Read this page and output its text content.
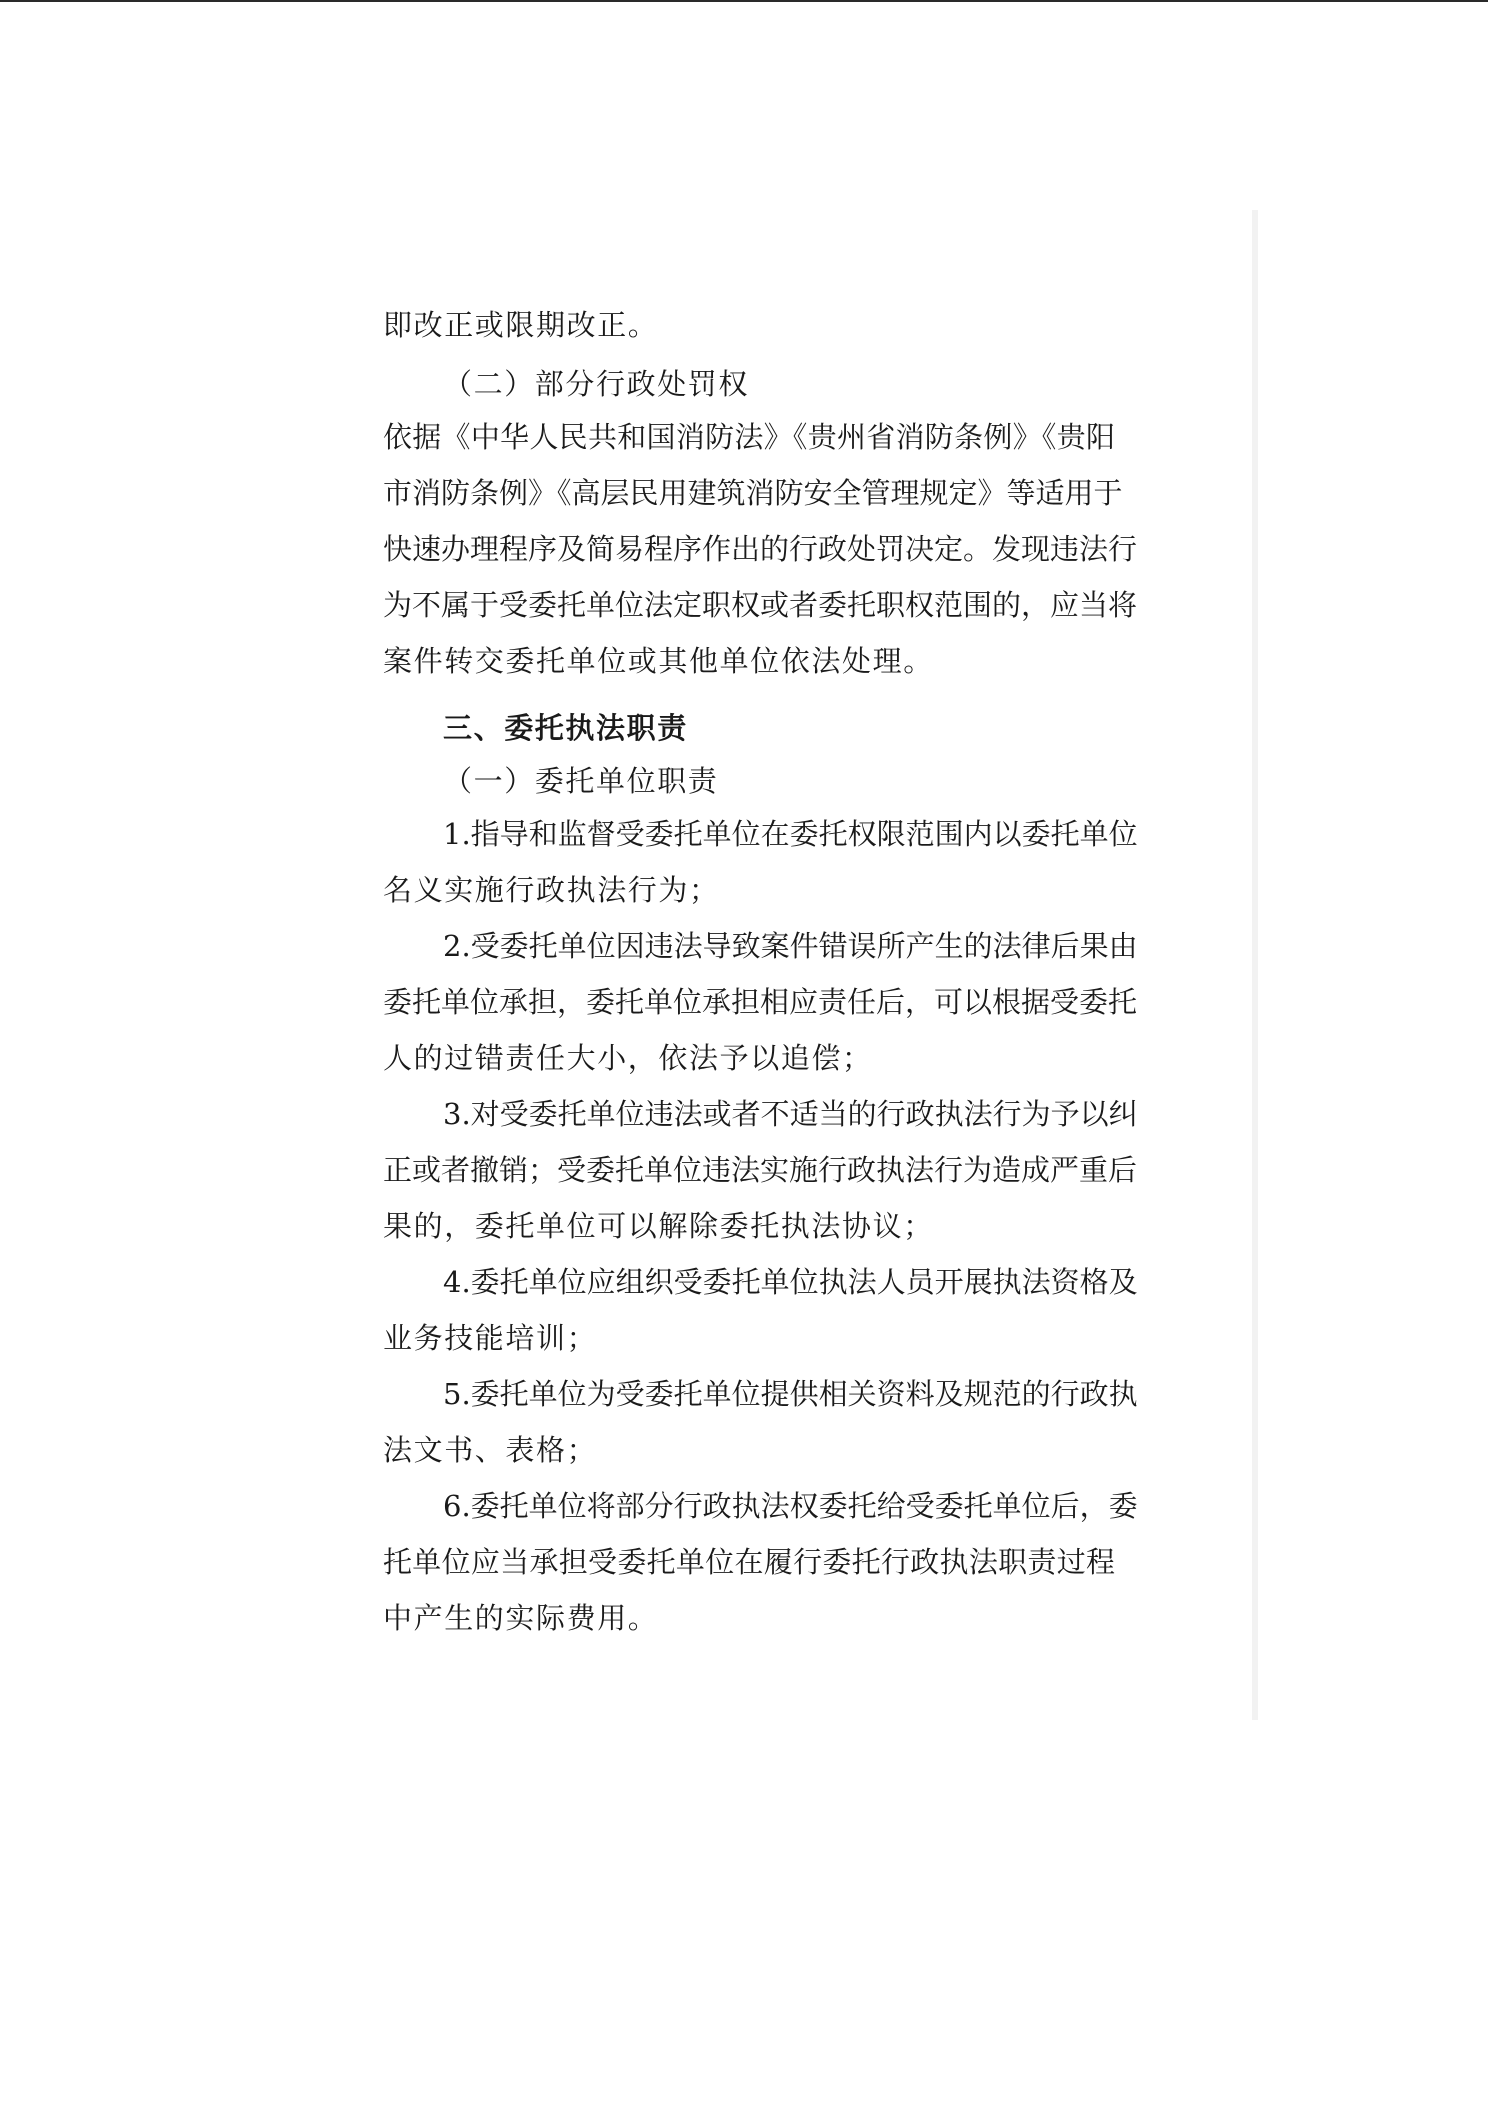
即改正或限期改正。
（二）部分行政处罚权
依据《中华人民共和国消防法》《贵州省消防条例》《贵阳
市消防条例》《高层民用建筑消防安全管理规定》等适用于
快速办理程序及简易程序作出的行政处罚决定。发现违法行
为不属于受委托单位法定职权或者委托职权范围的，应当将
案件转交委托单位或其他单位依法处理。
三、委托执法职责
（一）委托单位职责
1.指导和监督受委托单位在委托权限范围内以委托单位
名义实施行政执法行为；
2.受委托单位因违法导致案件错误所产生的法律后果由
委托单位承担，委托单位承担相应责任后，可以根据受委托
人的过错责任大小，依法予以追偿；
3.对受委托单位违法或者不适当的行政执法行为予以纠
正或者撤销；受委托单位违法实施行政执法行为造成严重后
果的，委托单位可以解除委托执法协议；
4.委托单位应组织受委托单位执法人员开展执法资格及
业务技能培训；
5.委托单位为受委托单位提供相关资料及规范的行政执
法文书、表格；
6.委托单位将部分行政执法权委托给受委托单位后，委
托单位应当承担受委托单位在履行委托行政执法职责过程
中产生的实际费用。
